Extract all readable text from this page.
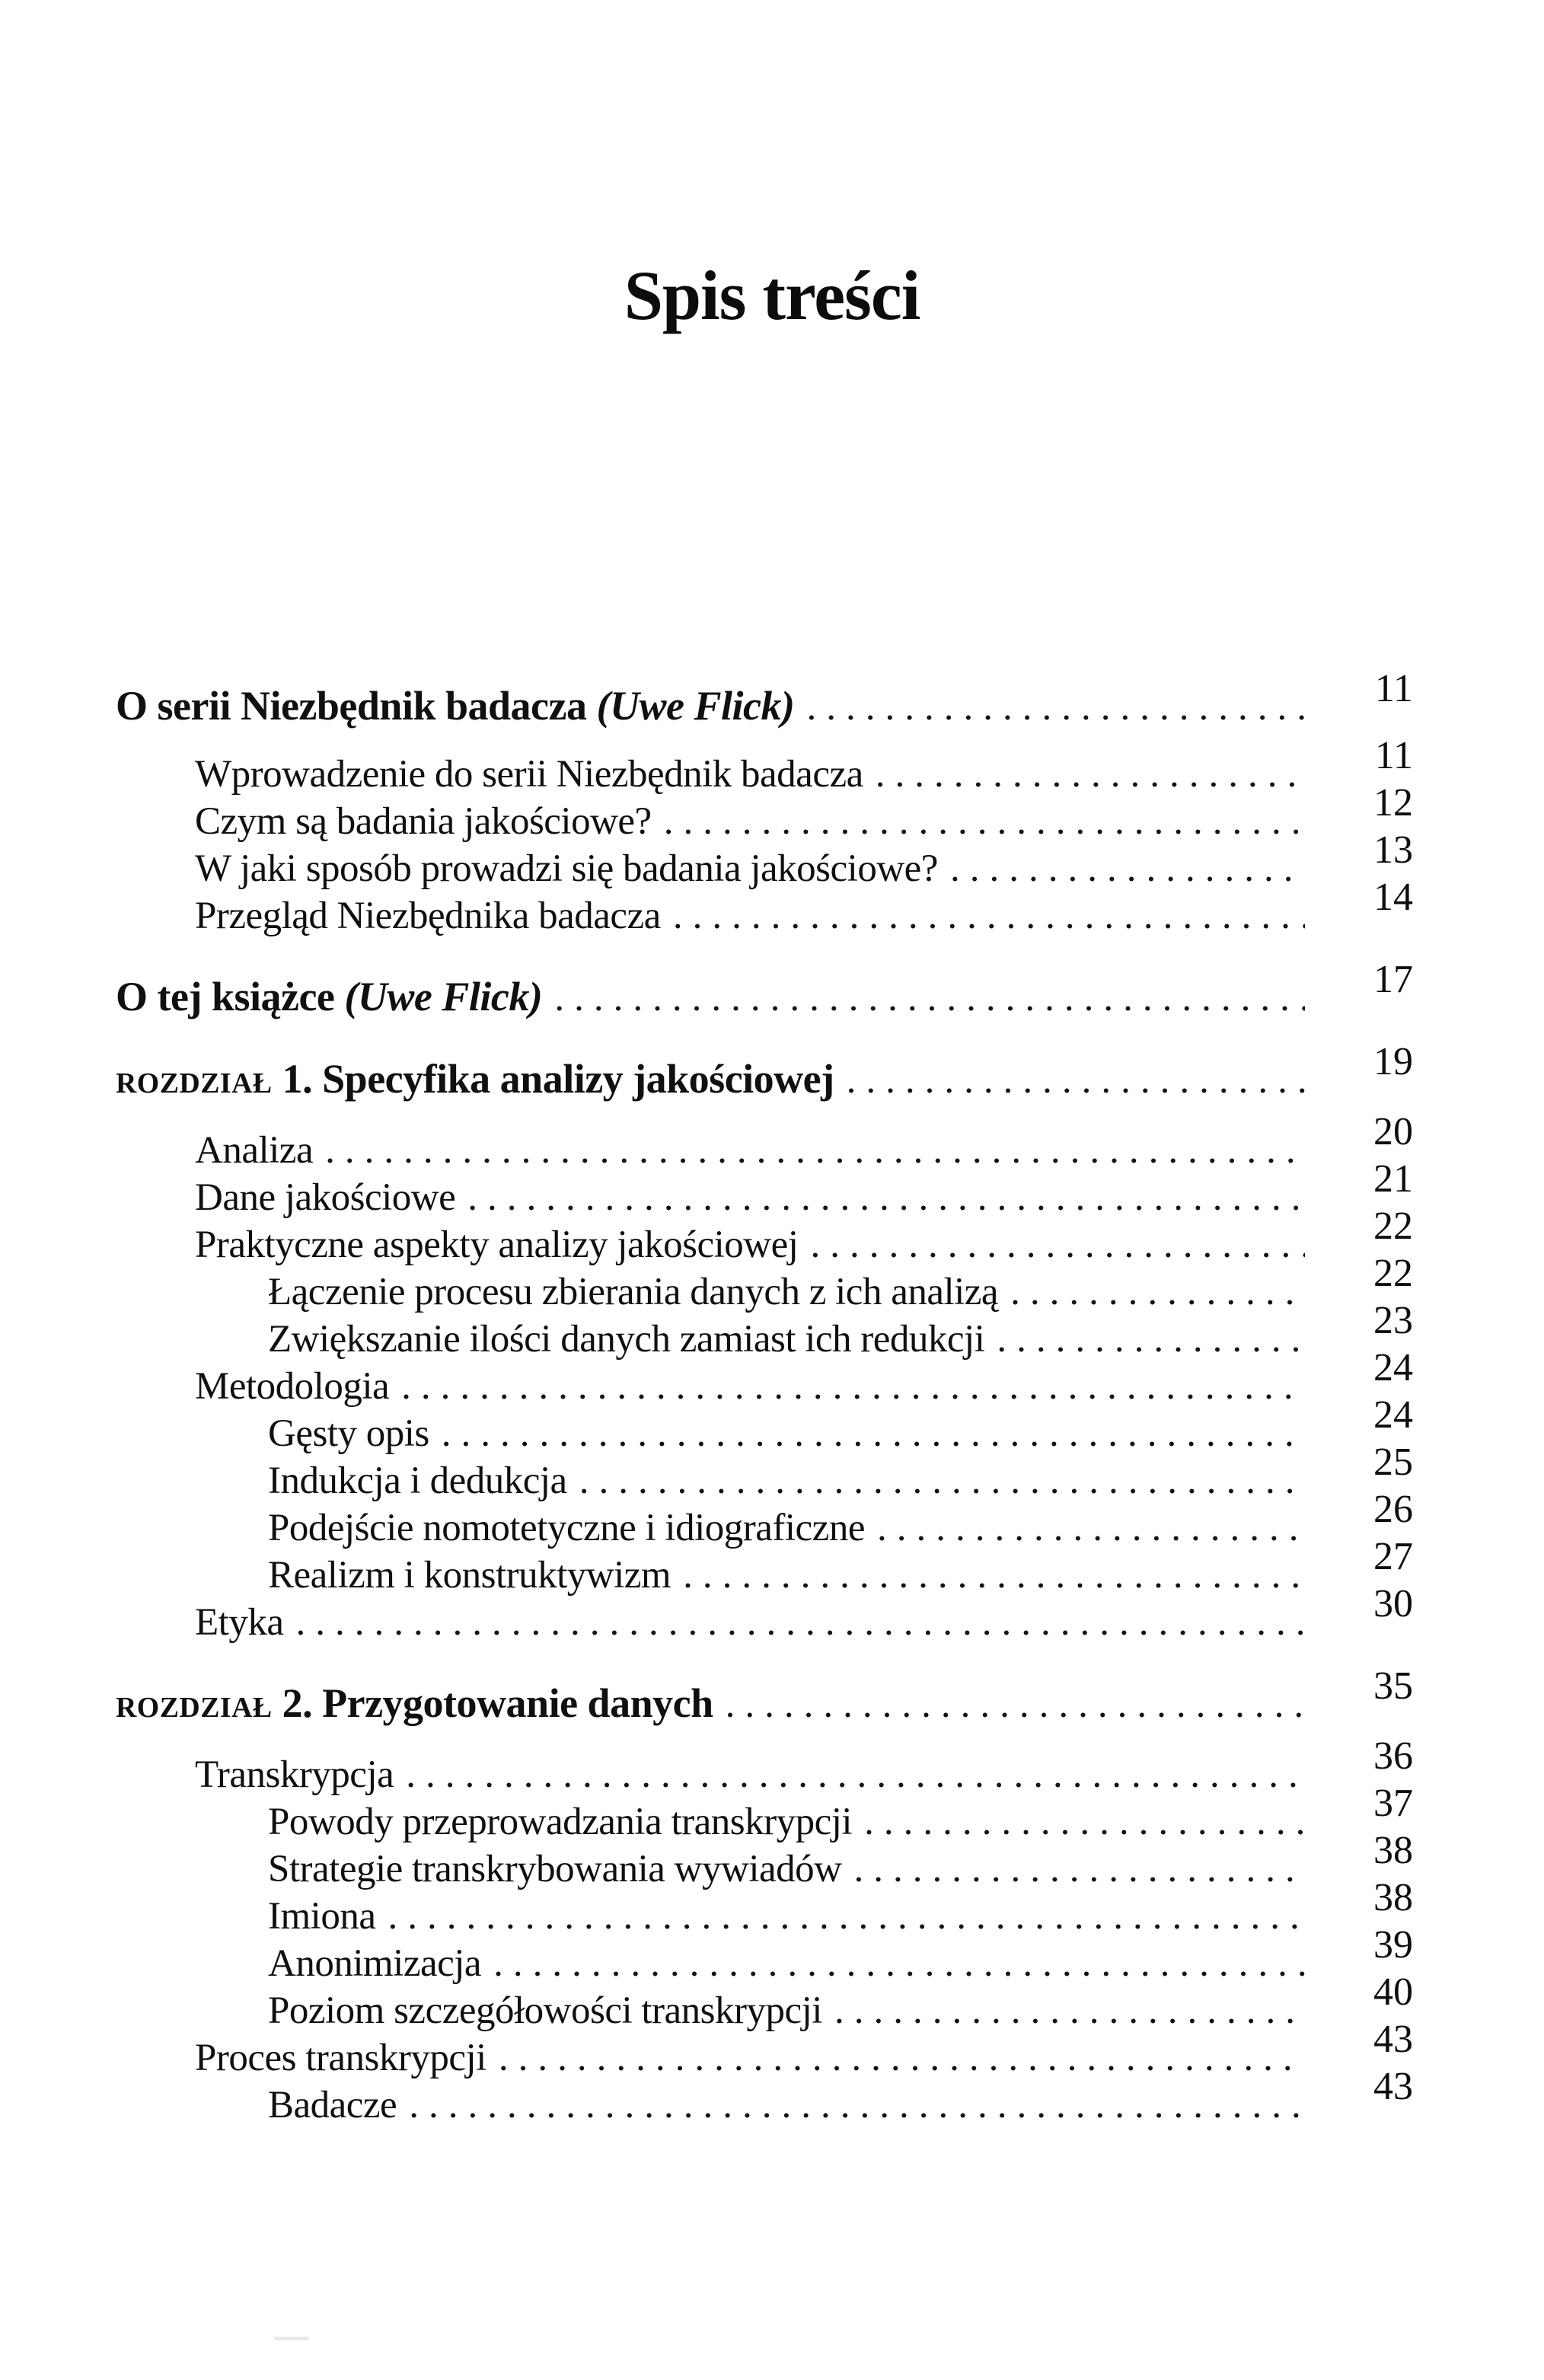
Spis treści
O serii Niezbędnik badacza (Uwe Flick) .....	11
Wprowadzenie do serii Niezbędnik badacza .....	11
Czym są badania jakościowe? .....	12
W jaki sposób prowadzi się badania jakościowe? .....	13
Przegląd Niezbędnika badacza .....	14
O tej książce (Uwe Flick) .....	17
ROZDZIAŁ 1. Specyfika analizy jakościowej .....	19
Analiza .....	20
Dane jakościowe .....	21
Praktyczne aspekty analizy jakościowej .....	22
Łączenie procesu zbierania danych z ich analizą .....	22
Zwiększanie ilości danych zamiast ich redukcji .....	23
Metodologia .....	24
Gęsty opis .....	24
Indukcja i dedukcja .....	25
Podejście nomotetyczne i idiograficzne .....	26
Realizm i konstruktywizm .....	27
Etyka .....	30
ROZDZIAŁ 2. Przygotowanie danych .....	35
Transkrypcja .....	36
Powody przeprowadzania transkrypcji .....	37
Strategie transkrybowania wywiadów .....	38
Imiona .....	38
Anonimizacja .....	39
Poziom szczegółowości transkrypcji .....	40
Proces transkrypcji .....	43
Badacze .....	43
